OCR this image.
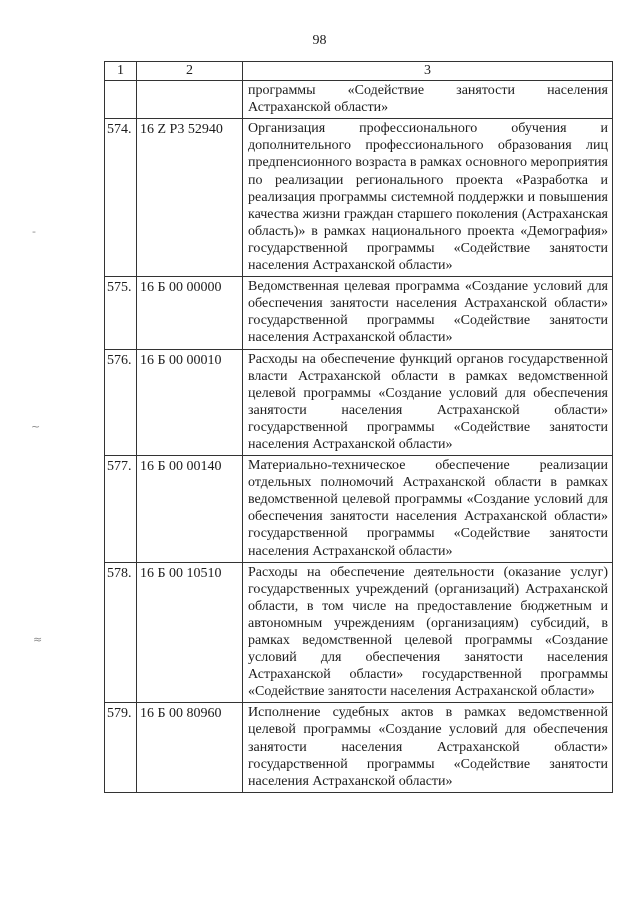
98
-
~
≈
1	2	3
		программы «Содействие занятости населения Астраханской области»
574.	16 Z P3 52940	Организация профессионального обучения и дополнительного профессионального образования лиц предпенсионного возраста в рамках основного мероприятия по реализации регионального проекта «Разработка и реализация программы системной поддержки и повышения качества жизни граждан старшего поколения (Астраханская область)» в рамках национального проекта «Демография» государственной программы «Содействие занятости населения Астраханской области»
575.	16 Б 00 00000	Ведомственная целевая программа «Создание условий для обеспечения занятости населения Астраханской области» государственной программы «Содействие занятости населения Астраханской области»
576.	16 Б 00 00010	Расходы на обеспечение функций органов государственной власти Астраханской области в рамках ведомственной целевой программы «Создание условий для обеспечения занятости населения Астраханской области» государственной программы «Содействие занятости населения Астраханской области»
577.	16 Б 00 00140	Материально-техническое обеспечение реализации отдельных полномочий Астраханской области в рамках ведомственной целевой программы «Создание условий для обеспечения занятости населения Астраханской области» государственной программы «Содействие занятости населения Астраханской области»
578.	16 Б 00 10510	Расходы на обеспечение деятельности (оказание услуг) государственных учреждений (организаций) Астраханской области, в том числе на предоставление бюджетным и автономным учреждениям (организациям) субсидий, в рамках ведомственной целевой программы «Создание условий для обеспечения занятости населения Астраханской области» государственной программы «Содействие занятости населения Астраханской области»
579.	16 Б 00 80960	Исполнение судебных актов в рамках ведомственной целевой программы «Создание условий для обеспечения занятости населения Астраханской области» государственной программы «Содействие занятости населения Астраханской области»
